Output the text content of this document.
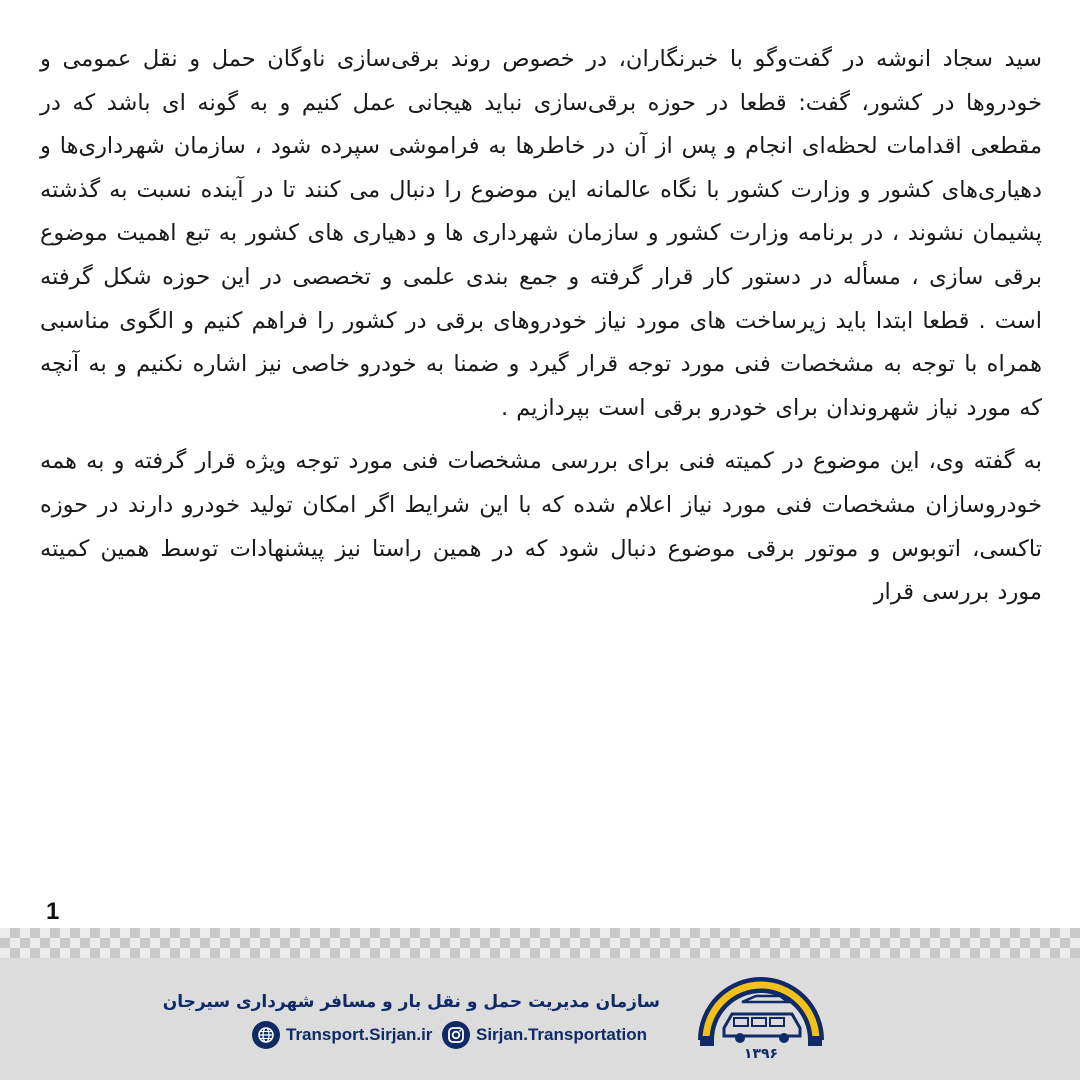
سید سجاد انوشه در گفت‌وگو با خبرنگاران، در خصوص روند برقی‌سازی ناوگان حمل و نقل عمومی و خودروها در کشور، گفت: قطعا در حوزه برقی‌سازی نباید هیجانی عمل کنیم و به گونه ای باشد که در مقطعی اقدامات لحظه‌ای انجام و پس از آن در خاطرها به فراموشی سپرده شود ، سازمان شهرداری‌ها و دهیاری‌های کشور و وزارت کشور با نگاه عالمانه این موضوع را دنبال می کنند تا در آینده نسبت به گذشته پشیمان نشوند ، در برنامه وزارت کشور و سازمان شهرداری ها و دهیاری های کشور به تبع اهمیت موضوع برقی سازی ، مسأله در دستور کار قرار گرفته و جمع بندی علمی و تخصصی در این حوزه شکل گرفته است . قطعا ابتدا باید زیرساخت های مورد نیاز خودروهای برقی در کشور را فراهم کنیم و الگوی مناسبی همراه با توجه به مشخصات فنی مورد توجه قرار گیرد و ضمنا به خودرو خاصی نیز اشاره نکنیم و به آنچه که مورد نیاز شهروندان برای خودرو برقی است بپردازیم .

به گفته وی، این موضوع در کمیته فنی برای بررسی مشخصات فنی مورد توجه ویژه قرار گرفته و به همه خودروسازان مشخصات فنی مورد نیاز اعلام شده که با این شرایط اگر امکان تولید خودرو دارند در حوزه تاکسی، اتوبوس و موتور برقی موضوع دنبال شود که در همین راستا نیز پیشنهادات توسط همین کمیته مورد بررسی قرار

1
سازمان مدیریت حمل و نقل بار و مسافر شهرداری سیرجان
Sirjan.Transportation
Transport.Sirjan.ir
۱۳۹۶
